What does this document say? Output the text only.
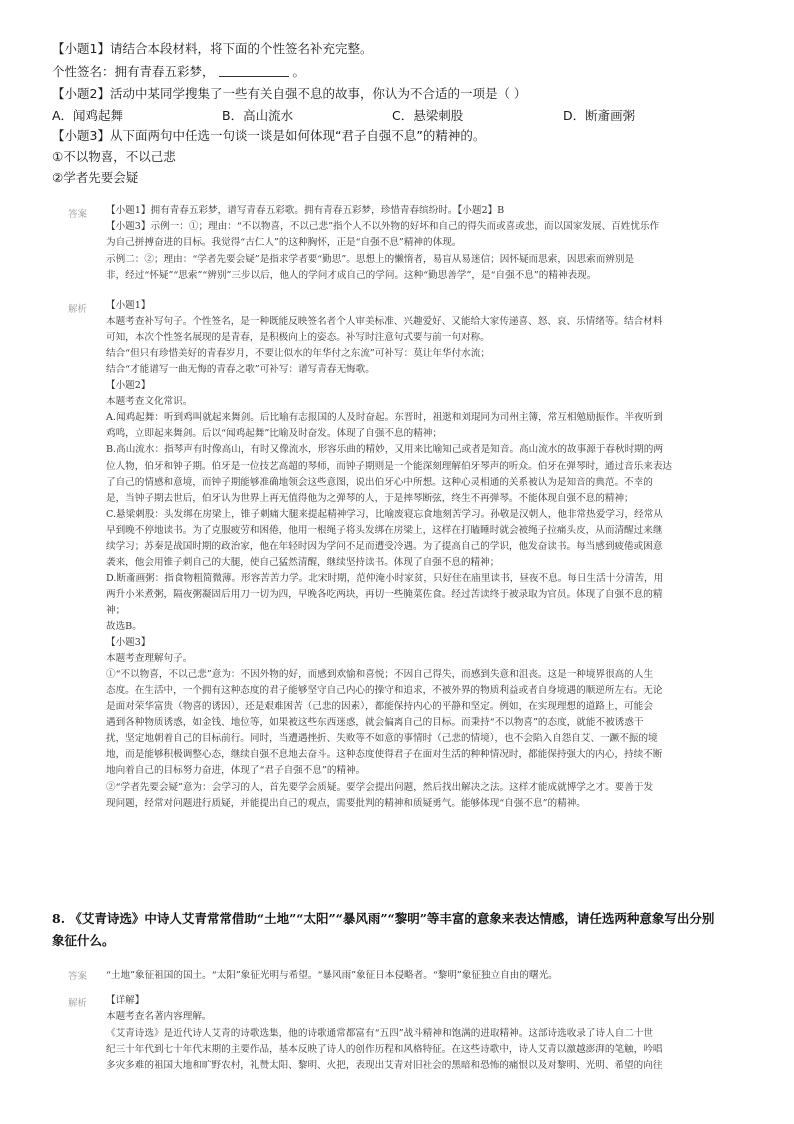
【小题1】请结合本段材料，将下面的个性签名补充完整。
个性签名：拥有青春五彩梦，	。
【小题2】活动中某同学搜集了一些有关自强不息的故事，你认为不合适的一项是（ ）
A．闻鸡起舞	B．高山流水	C．悬梁刺股	D．断齑画粥
【小题3】从下面两句中任选一句谈一谈是如何体现“君子自强不息”的精神的。
①不以物喜，不以己悲
②学者先要会疑
答案 【小题1】拥有青春五彩梦，谱写青春五彩歌。拥有青春五彩梦，珍惜青春缤纷时。【小题2】B
【小题3】示例一：①；理由：“不以物喜，不以己悲”指个人不以外物的好坏和自己的得失而或喜或悲，而以国家发展、百姓忧乐作
为自己拼搏奋进的目标。我觉得“古仁人”的这种胸怀，正是“自强不息”精神的体现。
示例二：②；理由：“学者先要会疑”是指求学者要“勤思”。思想上的懒惰者，易盲从易迷信；因怀疑而思索，因思索而辨别是
非，经过“怀疑”“思索”“辨别”三步以后，他人的学问才成自己的学问。这种“勤思善学”，是“自强不息”的精神表现。
解析 【小题1】
本题考查补写句子。个性签名，是一种既能反映签名者个人审美标准、兴趣爱好、又能给大家传递喜、怒、哀、乐情绪等。结合材料
可知，本次个性签名展现的是青春，是积极向上的姿态。补写时注意句式要与前一句对称。
结合“但只有珍惜美好的青春岁月，不要让似水的年华付之东流”可补写：莫让年华付水流；
结合“才能谱写一曲无悔的青春之歌”可补写：谱写青春无悔歌。
【小题2】
本题考查文化常识。
A.闻鸡起舞：听到鸡叫就起来舞剑。后比喻有志报国的人及时奋起。东晋时，祖逖和刘琨同为司州主簿，常互相勉励振作。半夜听到
鸡鸣，立即起来舞剑。后以“闻鸡起舞”比喻及时奋发。体现了自强不息的精神；
B.高山流水：指琴声有时像高山，有时又像流水，形容乐曲的精妙，又用来比喻知己或者是知音。高山流水的故事源于春秋时期的两
位人物，伯牙和钟子期。伯牙是一位技艺高超的琴师，而钟子期则是一个能深刻理解伯牙琴声的听众。伯牙在弹琴时，通过音乐来表达
了自己的情感和意境，而钟子期能够准确地领会这些意图，说出伯牙心中所想。这种心灵相通的关系被认为是知音的典范。不幸的
是，当钟子期去世后，伯牙认为世界上再无值得他为之弹琴的人，于是摔琴断弦，终生不再弹琴。不能体现自强不息的精神；
C.悬梁刺股：头发绑在房梁上，锥子刺痛大腿来提起精神学习，比喻废寝忘食地刻苦学习。孙敬是汉朝人，他非常热爱学习，经常从
早到晚不停地读书。为了克服疲劳和困倦，他用一根绳子将头发绑在房梁上，这样在打瞌睡时就会被绳子拉痛头皮，从而清醒过来继
续学习；苏秦是战国时期的政治家，他在年轻时因为学问不足而遭受冷遇。为了提高自己的学识，他发奋读书。每当感到疲倦或困意
袭来，他会用锥子刺自己的大腿，使自己猛然清醒，继续坚持读书。体现了自强不息的精神；
D.断齑画粥：指食物粗简微薄。形容苦苦力学。北宋时期，范仲淹小时家贫，只好住在庙里读书，昼夜不息。每日生活十分清苦，用
两升小米煮粥，隔夜粥凝固后用刀一切为四，早晚各吃两块，再切一些腌菜佐食。经过苦读终于被录取为官员。体现了自强不息的精
神；
故选B。
【小题3】
本题考查理解句子。
①“不以物喜，不以己悲”意为：不因外物的好，而感到欢愉和喜悦；不因自己得失，而感到失意和沮丧。这是一种境界很高的人生
态度。在生活中，一个拥有这种态度的君子能够坚守自己内心的操守和追求，不被外界的物质利益或者自身境遇的顺逆所左右。无论
是面对荣华富贵（物喜的诱因），还是艰难困苦（己悲的因素），都能保持内心的平静和坚定。例如，在实现理想的道路上，可能会
遇到各种物质诱惑，如金钱、地位等，如果被这些东西迷惑，就会偏离自己的目标。而秉持“不以物喜”的态度，就能不被诱惑干
扰，坚定地朝着自己的目标前行。同时，当遭遇挫折、失败等不如意的事情时（己悲的情境），也不会陷入自怨自艾、一蹶不振的境
地，而是能够积极调整心态，继续自强不息地去奋斗。这种态度使得君子在面对生活的种种情况时，都能保持强大的内心，持续不断
地向着自己的目标努力奋进，体现了“君子自强不息”的精神。
②“学者先要会疑”意为：会学习的人，首先要学会质疑。要学会提出问题，然后找出解决之法。这样才能成就博学之才。要善于发
现问题，经常对问题进行质疑，并能提出自己的观点，需要批判的精神和质疑勇气。能够体现“自强不息”的精神。
8. 《艾青诗选》中诗人艾青常常借助“土地”“太阳”“暴风雨”“黎明”等丰富的意象来表达情感，请任选两种意象写出分别
象征什么。
答案 “土地”象征祖国的国土。“太阳”象征光明与希望。“暴风雨”象征日本侵略者。“黎明”象征独立自由的曙光。
解析 【详解】
本题考查名著内容理解。
《艾青诗选》是近代诗人艾青的诗歌选集，他的诗歌通常都富有“五四”战斗精神和饱满的进取精神。这部诗选收录了诗人自二十世
纪三十年代到七十年代末期的主要作品，基本反映了诗人的创作历程和风格特征。在这些诗歌中，诗人艾青以激越澎湃的笔触，吟唱
多灾多难的祖国大地和旷野农村，礼赞太阳、黎明、火把，表现出艾青对旧社会的黑暗和恐怖的痛恨以及对黎明、光明、希望的向往
